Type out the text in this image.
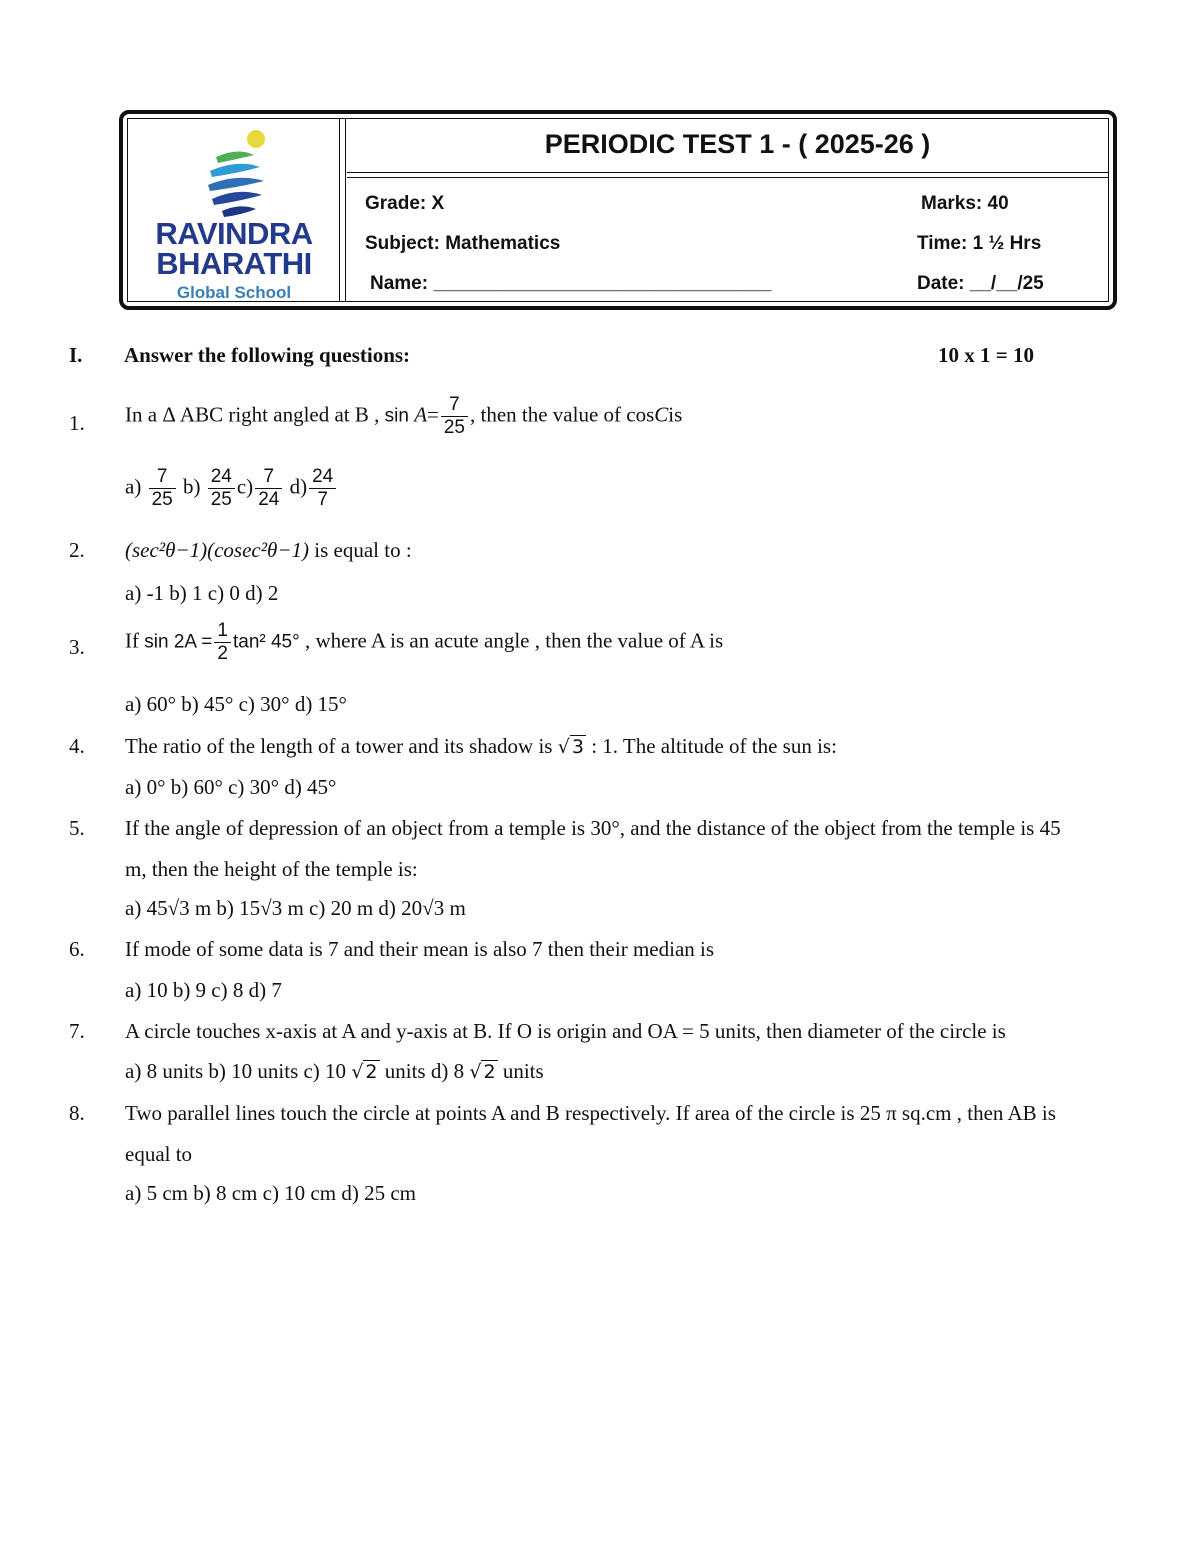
RAVINDRA
BHARATHI
Global School
PERIODIC TEST 1 - ( 2025-26 )
Grade: X
Subject: Mathematics
Name: ________________________________
Marks: 40
Time: 1 ½ Hrs
Date: __/__/25
I. Answer the following questions:	10 x 1 = 10
1. In a Δ ABC right angled at B , $\sin A= \frac{7}{25}$ , then the value of cosCis
$a) \frac{7}{25} b) \frac{24}{25} c) \frac{7}{24} d) \frac{24}{7}$
2. (sec²θ−1)(cosec²θ−1) is equal to :
a) -1 b) 1 c) 0 d) 2
3. If $\sin 2A = \frac{1}{2} \tan^2$ 45° , where A is an acute angle , then the value of A is
a) 60° b) 45° c) 30° d) 15°
4. The ratio of the length of a tower and its shadow is √ 3 : 1. The altitude of the sun is:
a) 0° b) 60° c) 30° d) 45°
5. If the angle of depression of an object from a temple is 30°, and the distance of the object from the temple is 45
m, then the height of the temple is:
a) 45√3 m b) 15√3 m c) 20 m d) 20√3 m
6. If mode of some data is 7 and their mean is also 7 then their median is
a) 10 b) 9 c) 8 d) 7
7. A circle touches x-axis at A and y-axis at B. If O is origin and OA = 5 units, then diameter of the circle is
a) 8 units b) 10 units c) 10 √ 2 units d) 8 √ 2 units
8. Two parallel lines touch the circle at points A and B respectively. If area of the circle is 25 π sq.cm , then AB is
equal to
a) 5 cm b) 8 cm c) 10 cm d) 25 cm
